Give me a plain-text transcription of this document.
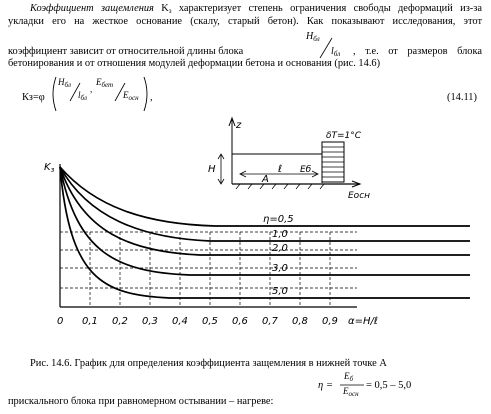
Коэффициент защемления $K_з$ характеризует степень ограничения свободы деформаций из-за
укладки его на жесткое основание (скалу, старый бетон). Как показывают исследования, этот
коэффициент зависит от относительной длины блока
$H_{бл}$
$l_{бл}$ , т.е. от размеров блока
бетонирования и от отношения модулей деформации бетона и основания (рис. 14.6)
Кз=φ
$H_{бл}$
$l_{бл}$
,
$E_{бет}$
$E_{осн}$ ,	(14.11)
η=0,5
1,0
2,0
3,0
5,0
$K_з$
0 0,1 0,2 0,3 0,4 0,5 0,6 0,7 0,8 0,9 α=H/ℓ
z
H
A
ℓ Eб
δT=1°C
Eосн
Рис. 14.6. График для определения коэффициента защемления в нижней точке А
η =
$E_б$
$E_{осн}$
= 0,5 – 5,0
прискального блока при равномерном остывании – нагреве:
